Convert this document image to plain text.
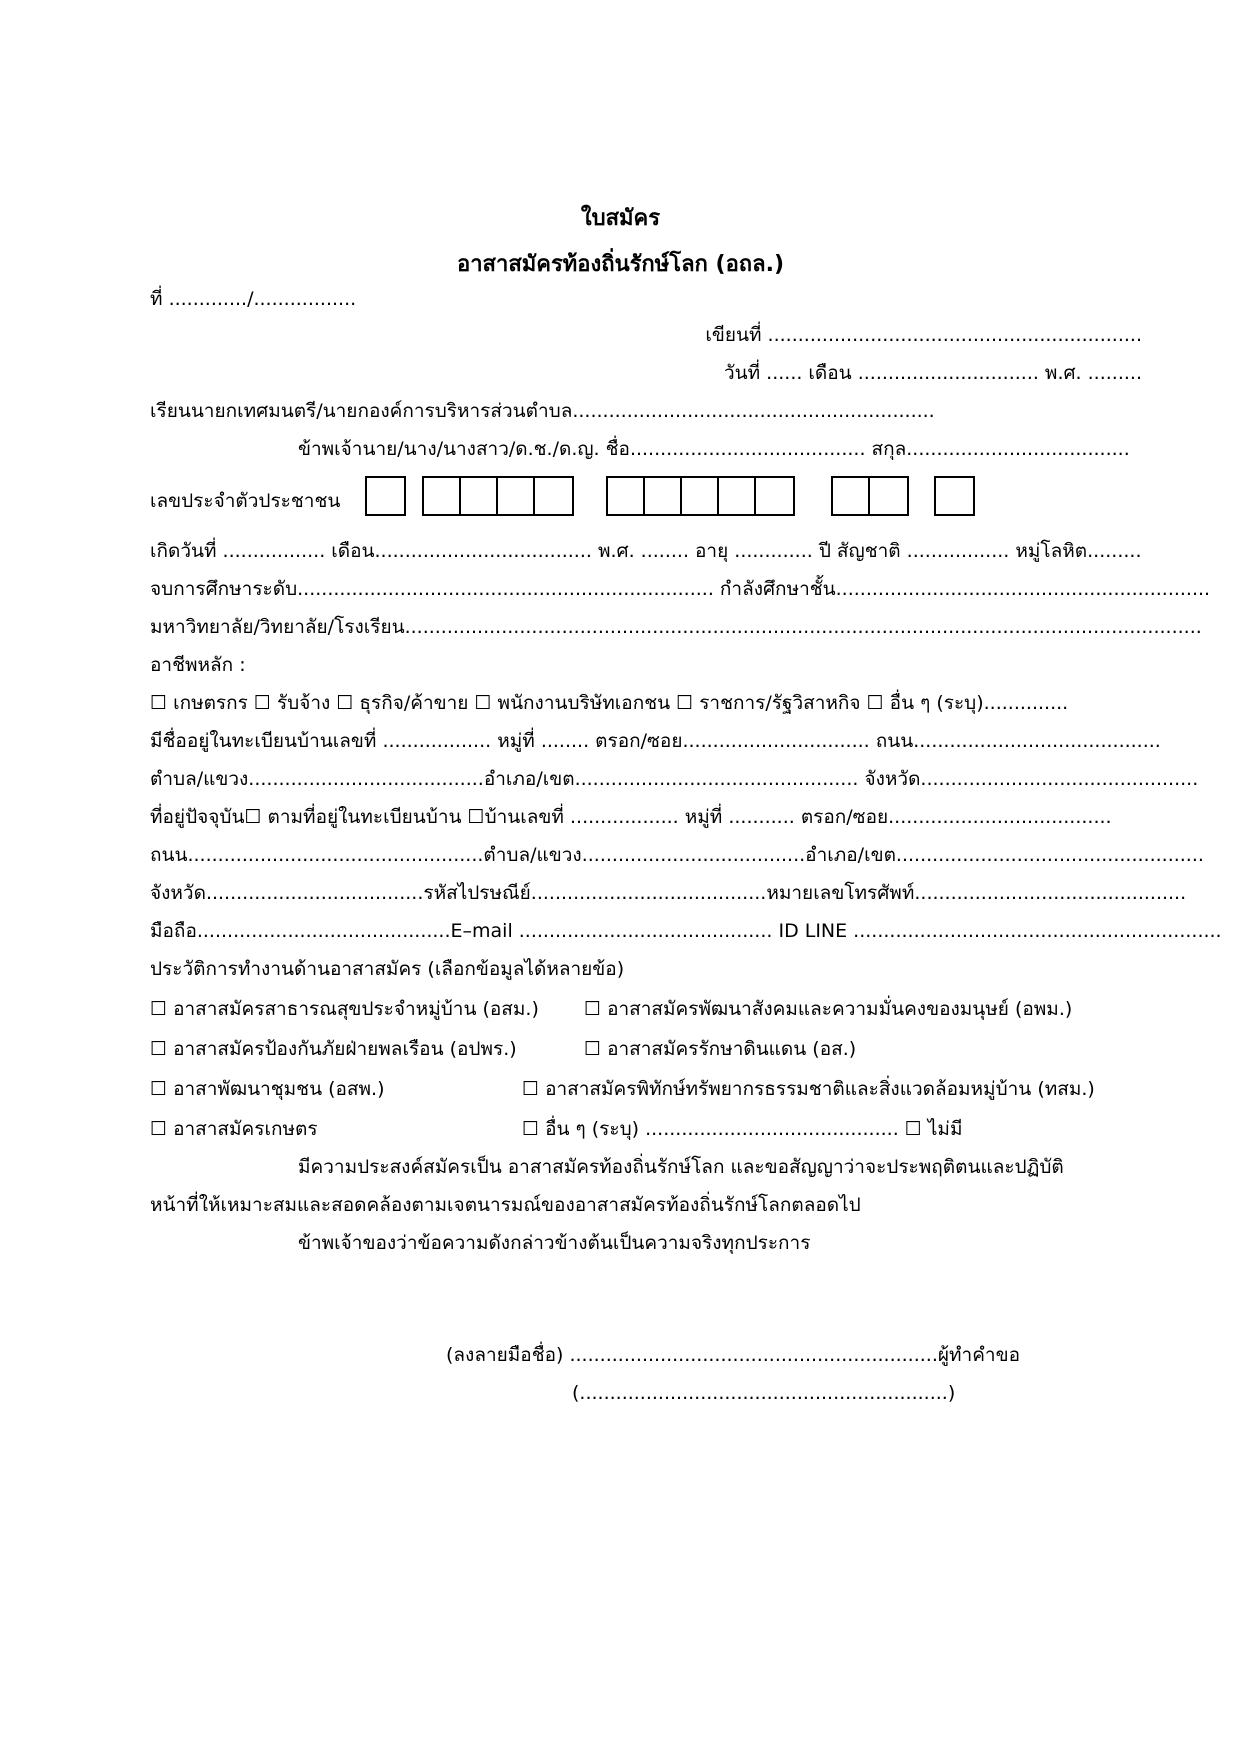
ใบสมัคร
อาสาสมัครท้องถิ่นรักษ์โลก (อถล.)
ที่ ............./.................
เขียนที่ ..............................................................
วันที่ ...... เดือน .............................. พ.ศ. .........
เรียนนายกเทศมนตรี/นายกองค์การบริหารส่วนตำบล............................................................
ข้าพเจ้านาย/นาง/นางสาว/ด.ช./ด.ญ. ชื่อ....................................... สกุล.....................................
เลขประจำตัวประชาชน
เกิดวันที่ ................. เดือน.................................... พ.ศ. ........ อายุ ............. ปี สัญชาติ ................. หมู่โลหิต.........
จบการศึกษาระดับ..................................................................... กำลังศึกษาชั้น..............................................................
มหาวิทยาลัย/วิทยาลัย/โรงเรียน....................................................................................................................................
อาชีพหลัก :
☐ เกษตรกร ☐ รับจ้าง ☐ ธุรกิจ/ค้าขาย ☐ พนักงานบริษัทเอกชน ☐ ราชการ/รัฐวิสาหกิจ ☐ อื่น ๆ (ระบุ)..............
มีชื่ออยู่ในทะเบียนบ้านเลขที่ .................. หมู่ที่ ........ ตรอก/ซอย............................... ถนน.........................................
ตำบล/แขวง.......................................อำเภอ/เขต............................................... จังหวัด..............................................
ที่อยู่ปัจจุบัน☐ ตามที่อยู่ในทะเบียนบ้าน ☐บ้านเลขที่ .................. หมู่ที่ ........... ตรอก/ซอย.....................................
ถนน.................................................ตำบล/แขวง.....................................อำเภอ/เขต...................................................
จังหวัด....................................รหัสไปรษณีย์.......................................หมายเลขโทรศัพท์.............................................
มือถือ..........................................E–mail .......................................... ID LINE .............................................................
ประวัติการทำงานด้านอาสาสมัคร (เลือกข้อมูลได้หลายข้อ)
☐ อาสาสมัครสาธารณสุขประจำหมู่บ้าน (อสม.) ☐ อาสาสมัครพัฒนาสังคมและความมั่นคงของมนุษย์ (อพม.)
☐ อาสาสมัครป้องกันภัยฝ่ายพลเรือน (อปพร.)	☐ อาสาสมัครรักษาดินแดน (อส.)
☐ อาสาพัฒนาชุมชน (อสพ.)	☐ อาสาสมัครพิทักษ์ทรัพยากรธรรมชาติและสิ่งแวดล้อมหมู่บ้าน (ทสม.)
☐ อาสาสมัครเกษตร	☐ อื่น ๆ (ระบุ) .......................................... ☐ ไม่มี
มีความประสงค์สมัครเป็น อาสาสมัครท้องถิ่นรักษ์โลก และขอสัญญาว่าจะประพฤติตนและปฏิบัติ
หน้าที่ให้เหมาะสมและสอดคล้องตามเจตนารมณ์ของอาสาสมัครท้องถิ่นรักษ์โลกตลอดไป
ข้าพเจ้าของว่าข้อความดังกล่าวข้างต้นเป็นความจริงทุกประการ
(ลงลายมือชื่อ) .............................................................ผู้ทำคำขอ
(.............................................................)
